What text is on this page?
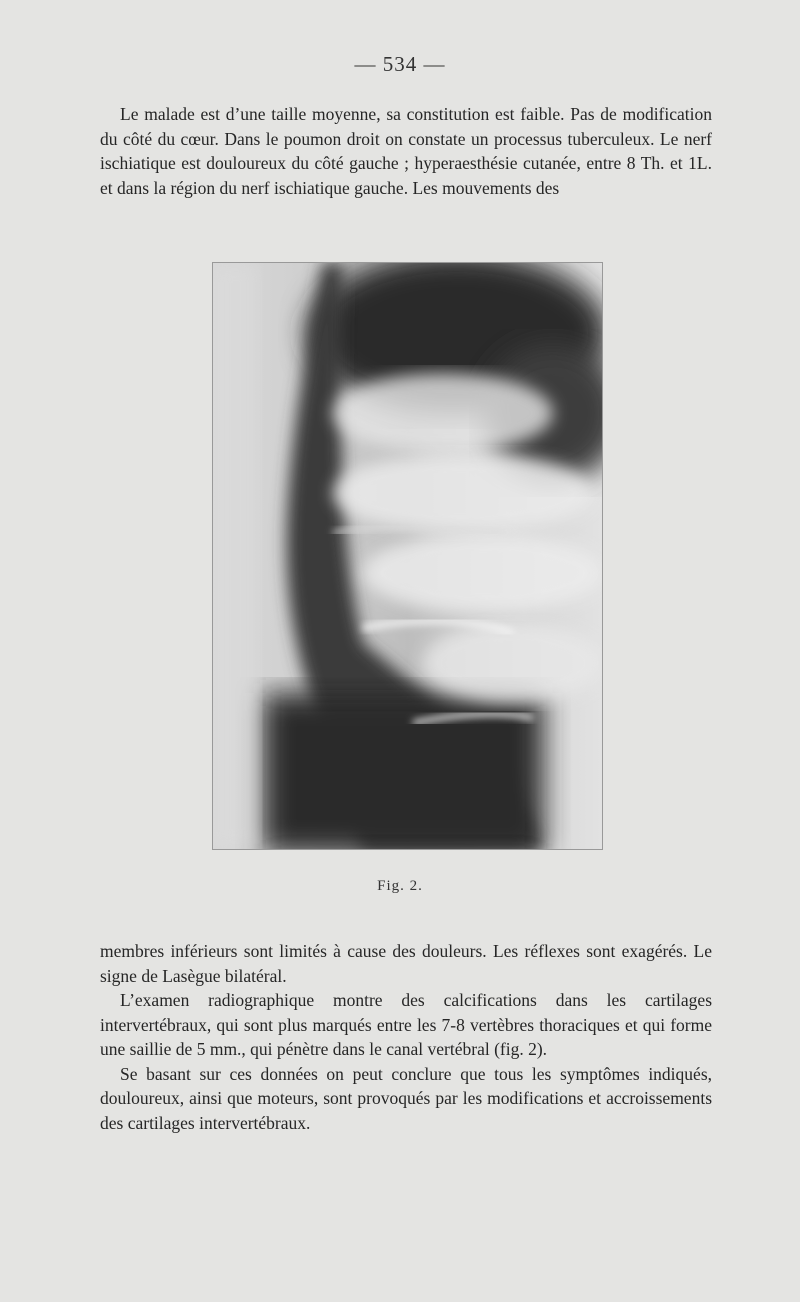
— 534 —

Le malade est d’une taille moyenne, sa constitution est faible. Pas de modification du côté du cœur. Dans le poumon droit on constate un processus tuberculeux. Le nerf ischiatique est douloureux du côté gauche ; hyperaesthésie cutanée, entre 8 Th. et 1L. et dans la région du nerf ischiatique gauche. Les mouvements des

Fig. 2.

membres inférieurs sont limités à cause des douleurs. Les réflexes sont exagérés. Le signe de Lasègue bilatéral.

L’examen radiographique montre des calcifications dans les cartilages intervertébraux, qui sont plus marqués entre les 7-8 vertèbres thoraciques et qui forme une saillie de 5 mm., qui pénètre dans le canal vertébral (fig. 2).

Se basant sur ces données on peut conclure que tous les symptômes indiqués, douloureux, ainsi que moteurs, sont provoqués par les modifications et accroissements des cartilages intervertébraux.
